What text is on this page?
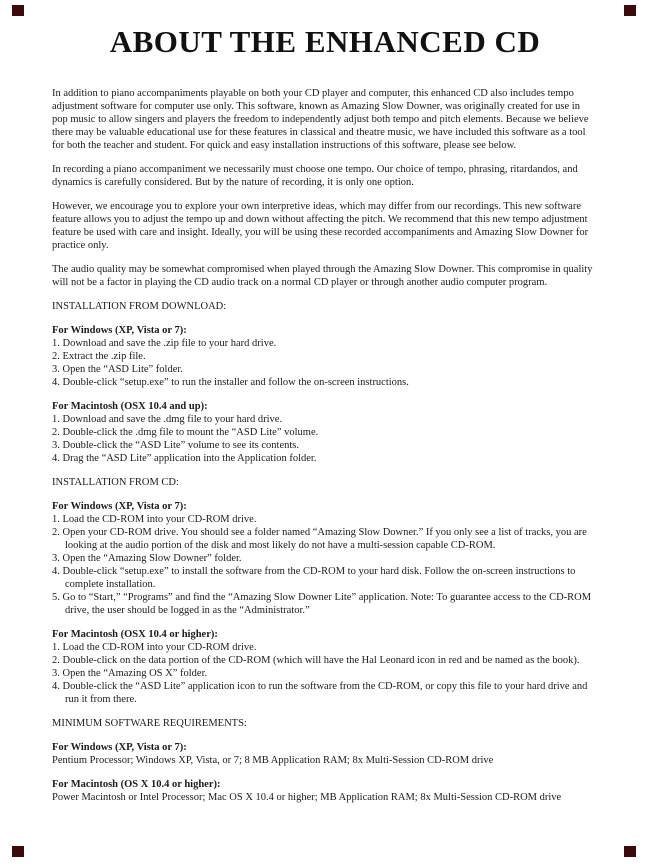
ABOUT THE ENHANCED CD

In addition to piano accompaniments playable on both your CD player and computer, this enhanced CD also includes tempo adjustment software for computer use only. This software, known as Amazing Slow Downer, was originally created for use in pop music to allow singers and players the freedom to independently adjust both tempo and pitch elements. Because we believe there may be valuable educational use for these features in classical and theatre music, we have included this software as a tool for both the teacher and student. For quick and easy installation instructions of this software, please see below.

In recording a piano accompaniment we necessarily must choose one tempo. Our choice of tempo, phrasing, ritardandos, and dynamics is carefully considered. But by the nature of recording, it is only one option.

However, we encourage you to explore your own interpretive ideas, which may differ from our recordings. This new software feature allows you to adjust the tempo up and down without affecting the pitch. We recommend that this new tempo adjustment feature be used with care and insight. Ideally, you will be using these recorded accompaniments and Amazing Slow Downer for practice only.

The audio quality may be somewhat compromised when played through the Amazing Slow Downer. This compromise in quality will not be a factor in playing the CD audio track on a normal CD player or through another audio computer program.

INSTALLATION FROM DOWNLOAD:
For Windows (XP, Vista or 7):
1. Download and save the .zip file to your hard drive.
2. Extract the .zip file.
3. Open the “ASD Lite” folder.
4. Double-click “setup.exe” to run the installer and follow the on-screen instructions.
For Macintosh (OSX 10.4 and up):
1. Download and save the .dmg file to your hard drive.
2. Double-click the .dmg file to mount the “ASD Lite” volume.
3. Double-click the “ASD Lite” volume to see its contents.
4. Drag the “ASD Lite” application into the Application folder.
INSTALLATION FROM CD:
For Windows (XP, Vista or 7):
1. Load the CD-ROM into your CD-ROM drive.
2. Open your CD-ROM drive. You should see a folder named “Amazing Slow Downer.” If you only see a list of tracks, you are looking at the audio portion of the disk and most likely do not have a multi-session capable CD-ROM.
3. Open the “Amazing Slow Downer” folder.
4. Double-click “setup.exe” to install the software from the CD-ROM to your hard disk. Follow the on-screen instructions to complete installation.
5. Go to “Start,” “Programs” and find the “Amazing Slow Downer Lite” application. Note: To guarantee access to the CD-ROM drive, the user should be logged in as the “Administrator.”
For Macintosh (OSX 10.4 or higher):
1. Load the CD-ROM into your CD-ROM drive.
2. Double-click on the data portion of the CD-ROM (which will have the Hal Leonard icon in red and be named as the book).
3. Open the “Amazing OS X” folder.
4. Double-click the “ASD Lite” application icon to run the software from the CD-ROM, or copy this file to your hard drive and run it from there.
MINIMUM SOFTWARE REQUIREMENTS:
For Windows (XP, Vista or 7):
Pentium Processor; Windows XP, Vista, or 7; 8 MB Application RAM; 8x Multi-Session CD-ROM drive
For Macintosh (OS X 10.4 or higher):
Power Macintosh or Intel Processor; Mac OS X 10.4 or higher; MB Application RAM; 8x Multi-Session CD-ROM drive
